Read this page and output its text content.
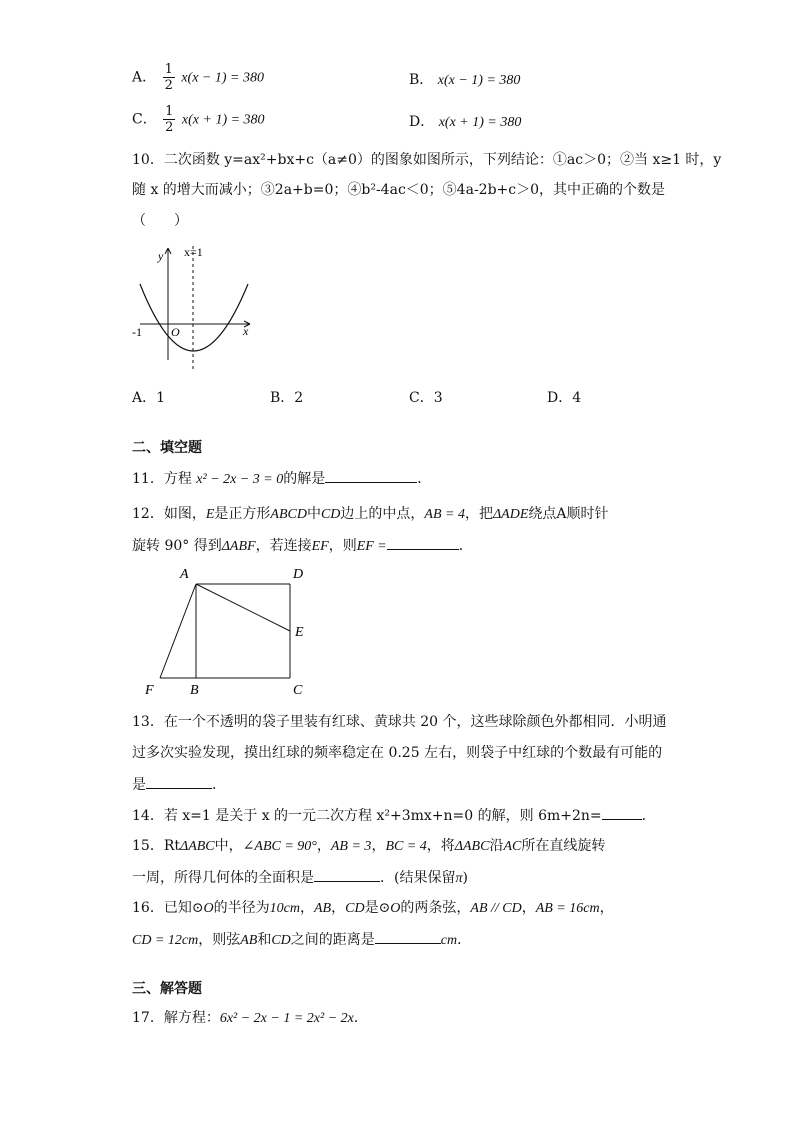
A． $\frac{1}{2} x(x - 1) = 380$	B． x(x − 1) = 380
C． $\frac{1}{2} x(x + 1) = 380$	D． x(x + 1) = 380
10．二次函数 y=ax²+bx+c（a≠0）的图象如图所示，下列结论：①ac＞0；②当 x≥1 时，y
随 x 的增大而减小；③2a+b=0；④b²-4ac＜0；⑤4a-2b+c＞0，其中正确的个数是
（　　）
x=1
y
x
O
-1
A．1	B．2	C．3	D．4
二、填空题
11．方程 x² − 2x − 3 = 0的解是	．
12．如图，E是正方形ABCD中CD边上的中点，AB = 4，把ΔADE绕点A顺时针
旋转 90° 得到ΔABF，若连接EF，则EF =	．
A	D
E
F	B	C
13．在一个不透明的袋子里装有红球、黄球共 20 个，这些球除颜色外都相同．小明通
过多次实验发现，摸出红球的频率稳定在 0.25 左右，则袋子中红球的个数最有可能的
是	．
14．若 x=1 是关于 x 的一元二次方程 x²+3mx+n=0 的解，则 6m+2n=	．
15．RtΔABC中，∠ABC = 90°，AB = 3，BC = 4，将ΔABC沿AC所在直线旋转
一周，所得几何体的全面积是	．(结果保留π)
16．已知⊙O的半径为10cm，AB，CD是⊙O的两条弦，AB // CD，AB = 16cm，
CD = 12cm，则弦AB和CD之间的距离是	cm．
三、解答题
17．解方程：6x² − 2x − 1 = 2x² − 2x．
